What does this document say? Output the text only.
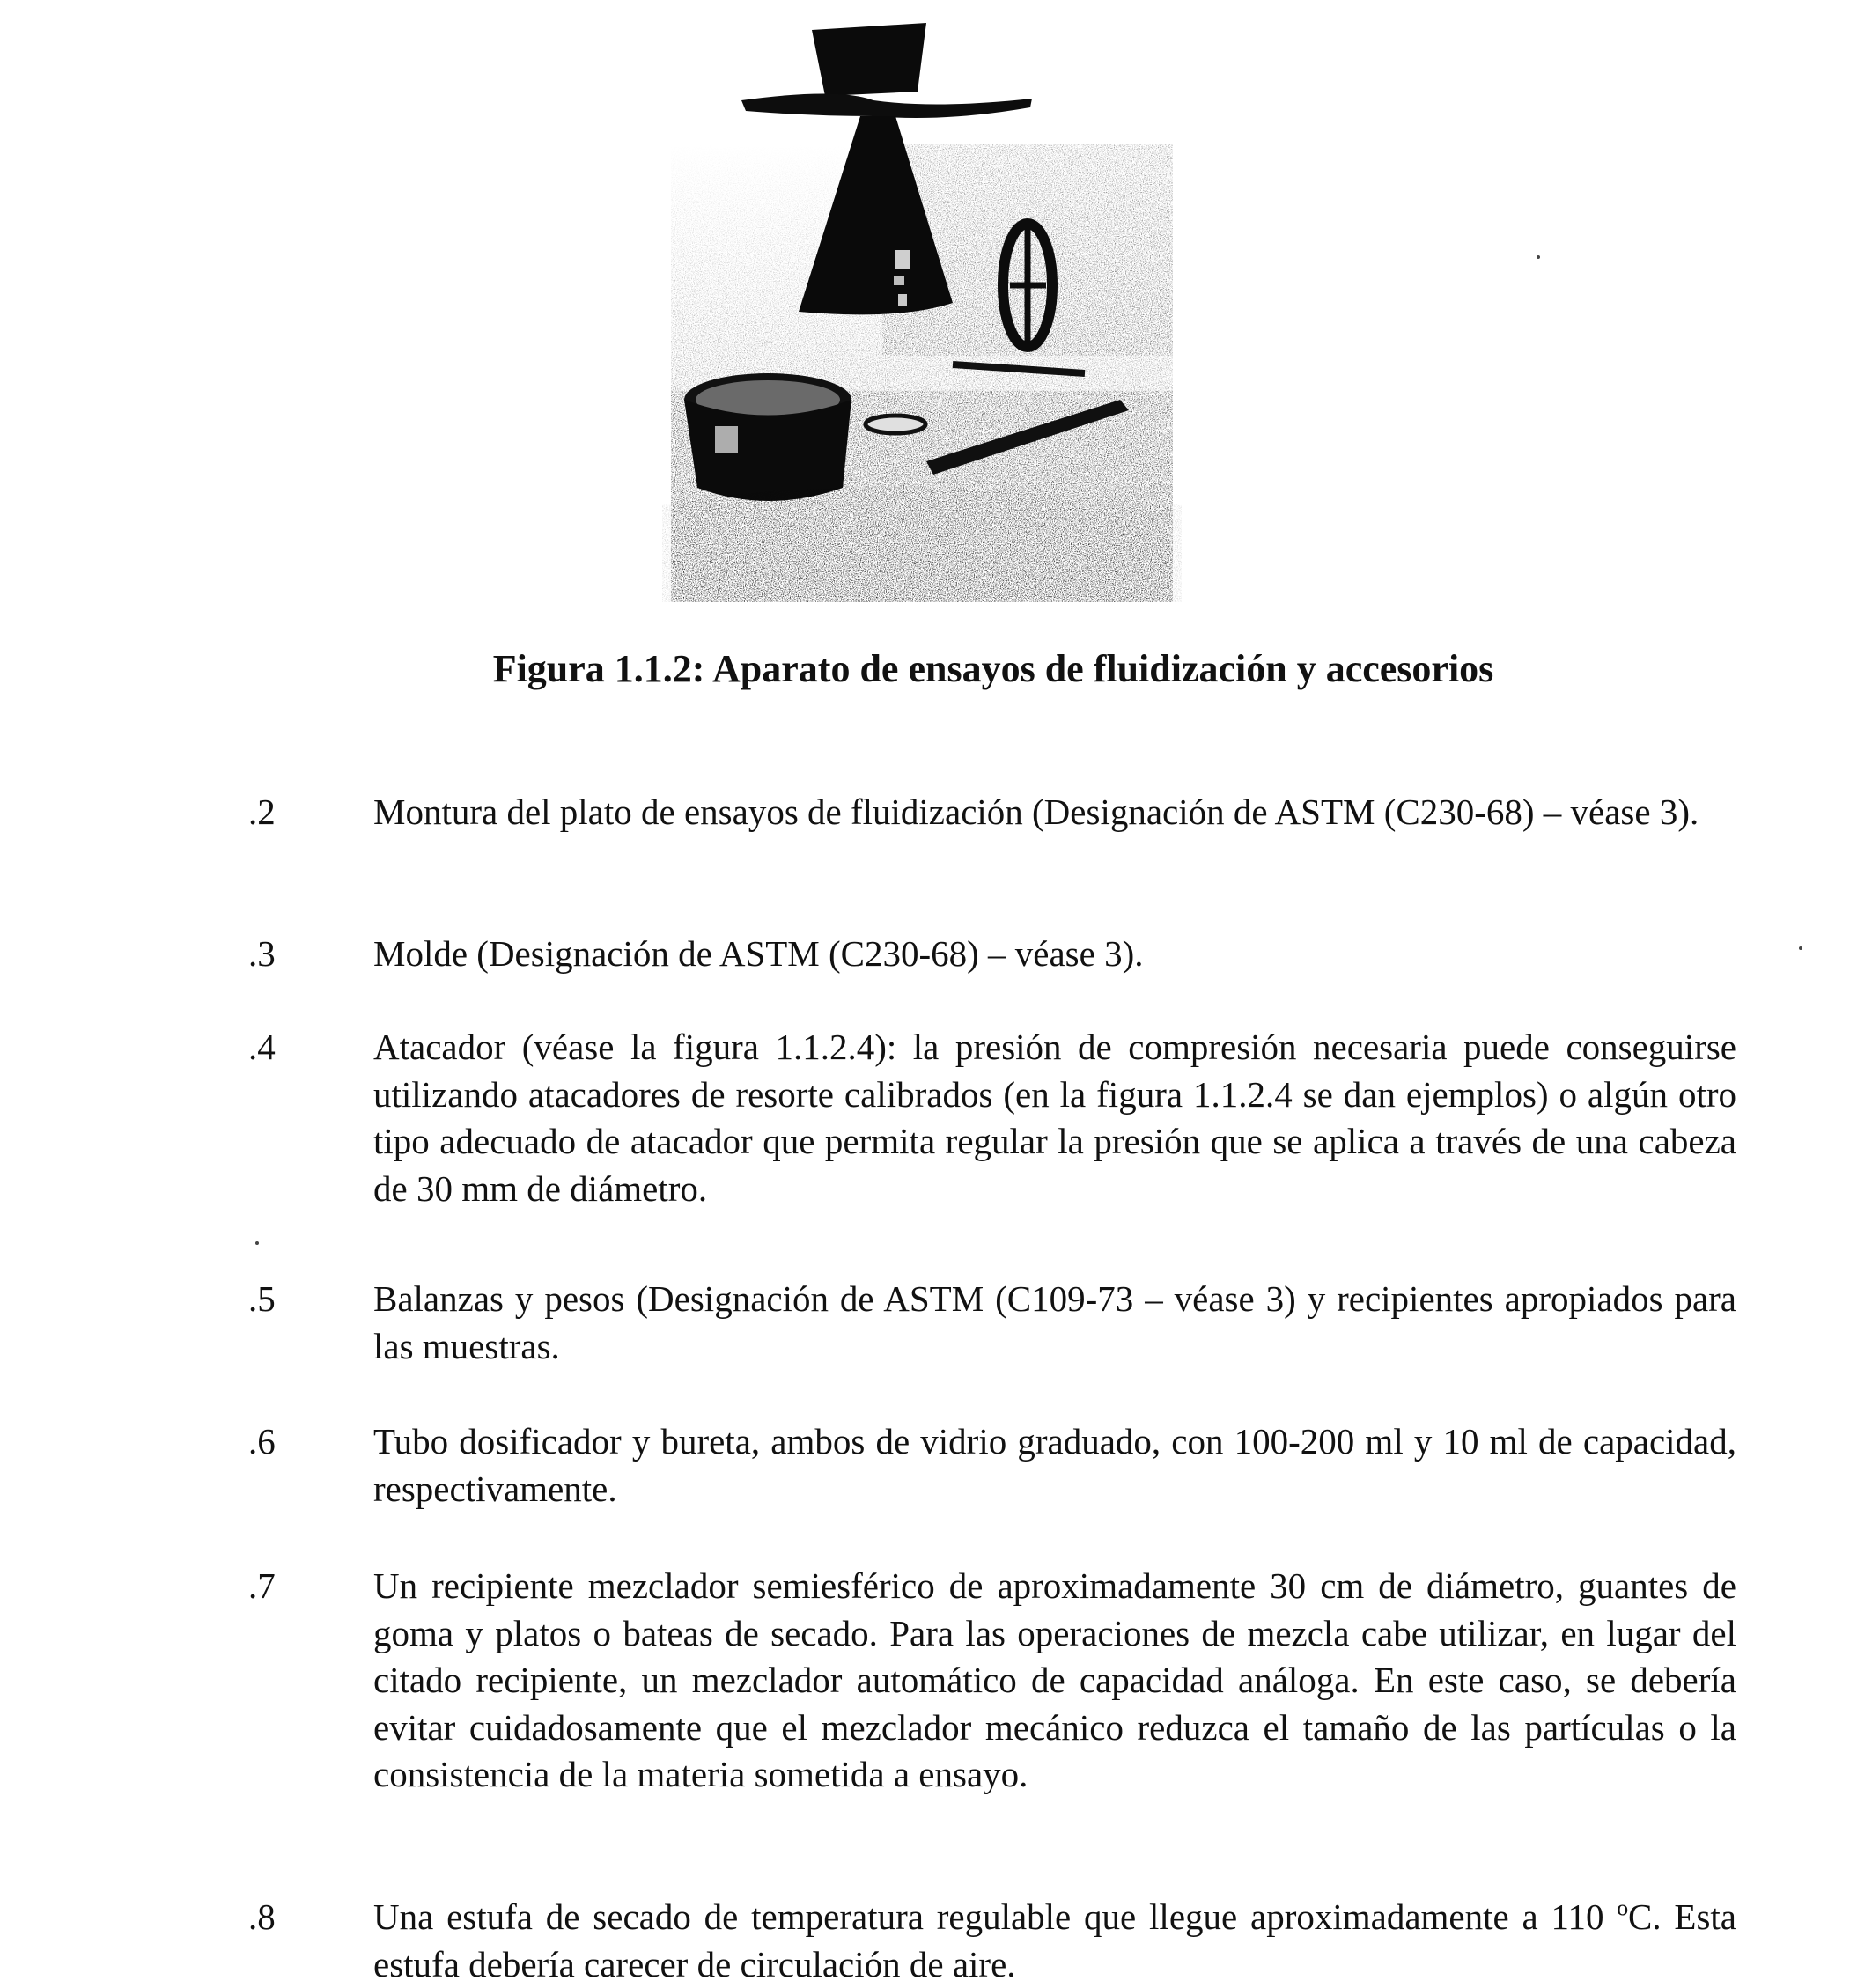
Figura 1.1.2: Aparato de ensayos de fluidización y accesorios
.2	Montura del plato de ensayos de fluidización (Designación de ASTM (C230-68) – véase 3).
.3	Molde (Designación de ASTM (C230-68) – véase 3).
.4	Atacador (véase la figura 1.1.2.4): la presión de compresión necesaria puede conseguirse utilizando atacadores de resorte calibrados (en la figura 1.1.2.4 se dan ejemplos) o algún otro tipo adecuado de atacador que permita regular la presión que se aplica a través de una cabeza de 30 mm de diámetro.
.5	Balanzas y pesos (Designación de ASTM (C109-73 – véase 3) y recipientes apropiados para las muestras.
.6	Tubo dosificador y bureta, ambos de vidrio graduado, con 100-200 ml y 10 ml de capacidad, respectivamente.
.7	Un recipiente mezclador semiesférico de aproximadamente 30 cm de diámetro, guantes de goma y platos o bateas de secado. Para las operaciones de mezcla cabe utilizar, en lugar del citado recipiente, un mezclador automático de capacidad análoga. En este caso, se debería evitar cuidadosamente que el mezclador mecánico reduzca el tamaño de las partículas o la consistencia de la materia sometida a ensayo.
.8	Una estufa de secado de temperatura regulable que llegue aproximadamente a 110 ºC. Esta estufa debería carecer de circulación de aire.
